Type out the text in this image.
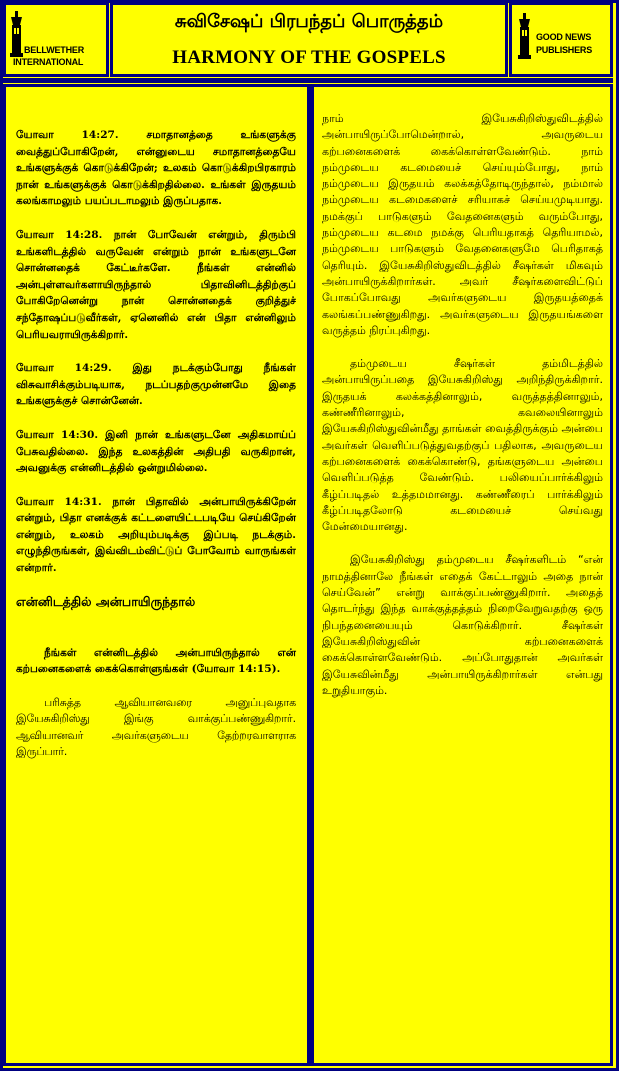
BELLWETHER
INTERNATIONAL
சுவிசேஷப் பிரபந்தப் பொருத்தம்
HARMONY OF THE GOSPELS
GOOD NEWS
PUBLISHERS

யோவா 14:27. சமாதானத்தை உங்களுக்கு வைத்துப்போகிறேன், என்னுடைய சமாதானத்தையே உங்களுக்குக் கொடுக்கிறேன்; உலகம் கொடுக்கிறபிரகாரம் நான் உங்களுக்குக் கொடுக்கிறதில்லை. உங்கள் இருதயம் கலங்காமலும் பயப்படாமலும் இருப்பதாக.

யோவா 14:28. நான் போவேன் என்றும், திரும்பி உங்களிடத்தில் வருவேன் என்றும் நான் உங்களுடனே சொன்னதைக் கேட்டீர்களே. நீங்கள் என்னில் அன்புள்ளவர்களாயிருந்தால் பிதாவினிடத்திற்குப் போகிறேனென்று நான் சொன்னதைக் குறித்துச் சந்தோஷப்படுவீர்கள், ஏனெனில் என் பிதா என்னிலும் பெரியவராயிருக்கிறார்.

யோவா 14:29. இது நடக்கும்போது நீங்கள் விசுவாசிக்கும்படியாக, நடப்பதற்குமுன்னமே இதை உங்களுக்குச் சொன்னேன்.

யோவா 14:30. இனி நான் உங்களுடனே அதிகமாய்ப் பேசுவதில்லை. இந்த உலகத்தின் அதிபதி வருகிறான், அவனுக்கு என்னிடத்தில் ஒன்றுமில்லை.

யோவா 14:31. நான் பிதாவில் அன்பாயிருக்கிறேன் என்றும், பிதா எனக்குக் கட்டளையிட்டபடியே செய்கிறேன் என்றும், உலகம் அறியும்படிக்கு இப்படி நடக்கும். எழுந்திருங்கள், இவ்விடம்விட்டுப் போவோம் வாருங்கள் என்றார்.

என்னிடத்தில் அன்பாயிருந்தால்

நீங்கள் என்னிடத்தில் அன்பாயிருந்தால் என் கற்பனைகளைக் கைக்கொள்ளுங்கள் (யோவா 14:15).

பரிசுத்த ஆவியானவரை அனுப்புவதாக இயேசுகிறிஸ்து இங்கு வாக்குப்பண்ணுகிறார். ஆவியானவர் அவர்களுடைய தேற்றரவாளராக இருப்பார்.

நாம் இயேசுகிறிஸ்துவிடத்தில் அன்பாயிருப்போமென்றால், அவருடைய கற்பனைகளைக் கைக்கொள்ளவேண்டும். நாம் நம்முடைய கடமையைச் செய்யும்போது, நாம் நம்முடைய இருதயம் கலக்கத்தோடிருந்தால், நம்மால் நம்முடைய கடமைகளைச் சரியாகச் செய்யமுடியாது. நமக்குப் பாடுகளும் வேதனைகளும் வரும்போது, நம்முடைய கடமை நமக்கு பெரியதாகத் தெரியாமல், நம்முடைய பாடுகளும் வேதனைகளுமே பெரிதாகத் தெரியும். இயேசுகிறிஸ்துவிடத்தில் சீஷர்கள் மிகவும் அன்பாயிருக்கிறார்கள். அவர் சீஷர்களைவிட்டுப் போகப்போவது அவர்களுடைய இருதயத்தைக் கலங்கப்பண்ணுகிறது. அவர்களுடைய இருதயங்களை வருத்தம் நிரப்புகிறது.

தம்முடைய சீஷர்கள் தம்மிடத்தில் அன்பாயிருப்பதை இயேசுகிறிஸ்து அறிந்திருக்கிறார். இருதயக் கலக்கத்தினாலும், வருத்தத்தினாலும், கண்ணீரினாலும், கவலையினாலும் இயேசுகிறிஸ்துவின்மீது தாங்கள் வைத்திருக்கும் அன்பை அவர்கள் வெளிப்படுத்துவதற்குப் பதிலாக, அவருடைய கற்பனைகளைக் கைக்கொண்டு, தங்களுடைய அன்பை வெளிப்படுத்த வேண்டும். பலியைப்பார்க்கிலும் கீழ்ப்படிதல் உத்தமமானது. கண்ணீரைப் பார்க்கிலும் கீழ்ப்படிதலோடு கடமையைச் செய்வது மேன்மையானது.

இயேசுகிறிஸ்து தம்முடைய சீஷர்களிடம் “என் நாமத்தினாலே நீங்கள் எதைக் கேட்டாலும் அதை நான் செய்வேன்” என்று வாக்குப்பண்ணுகிறார். அதைத் தொடர்ந்து இந்த வாக்குத்தத்தம் நிறைவேறுவதற்கு ஒரு நிபந்தனையையும் கொடுக்கிறார். சீஷர்கள் இயேசுகிறிஸ்துவின் கற்பனைகளைக் கைக்கொள்ளவேண்டும். அப்போதுதான் அவர்கள் இயேசுவின்மீது அன்பாயிருக்கிறார்கள் என்பது உறுதியாகும்.
